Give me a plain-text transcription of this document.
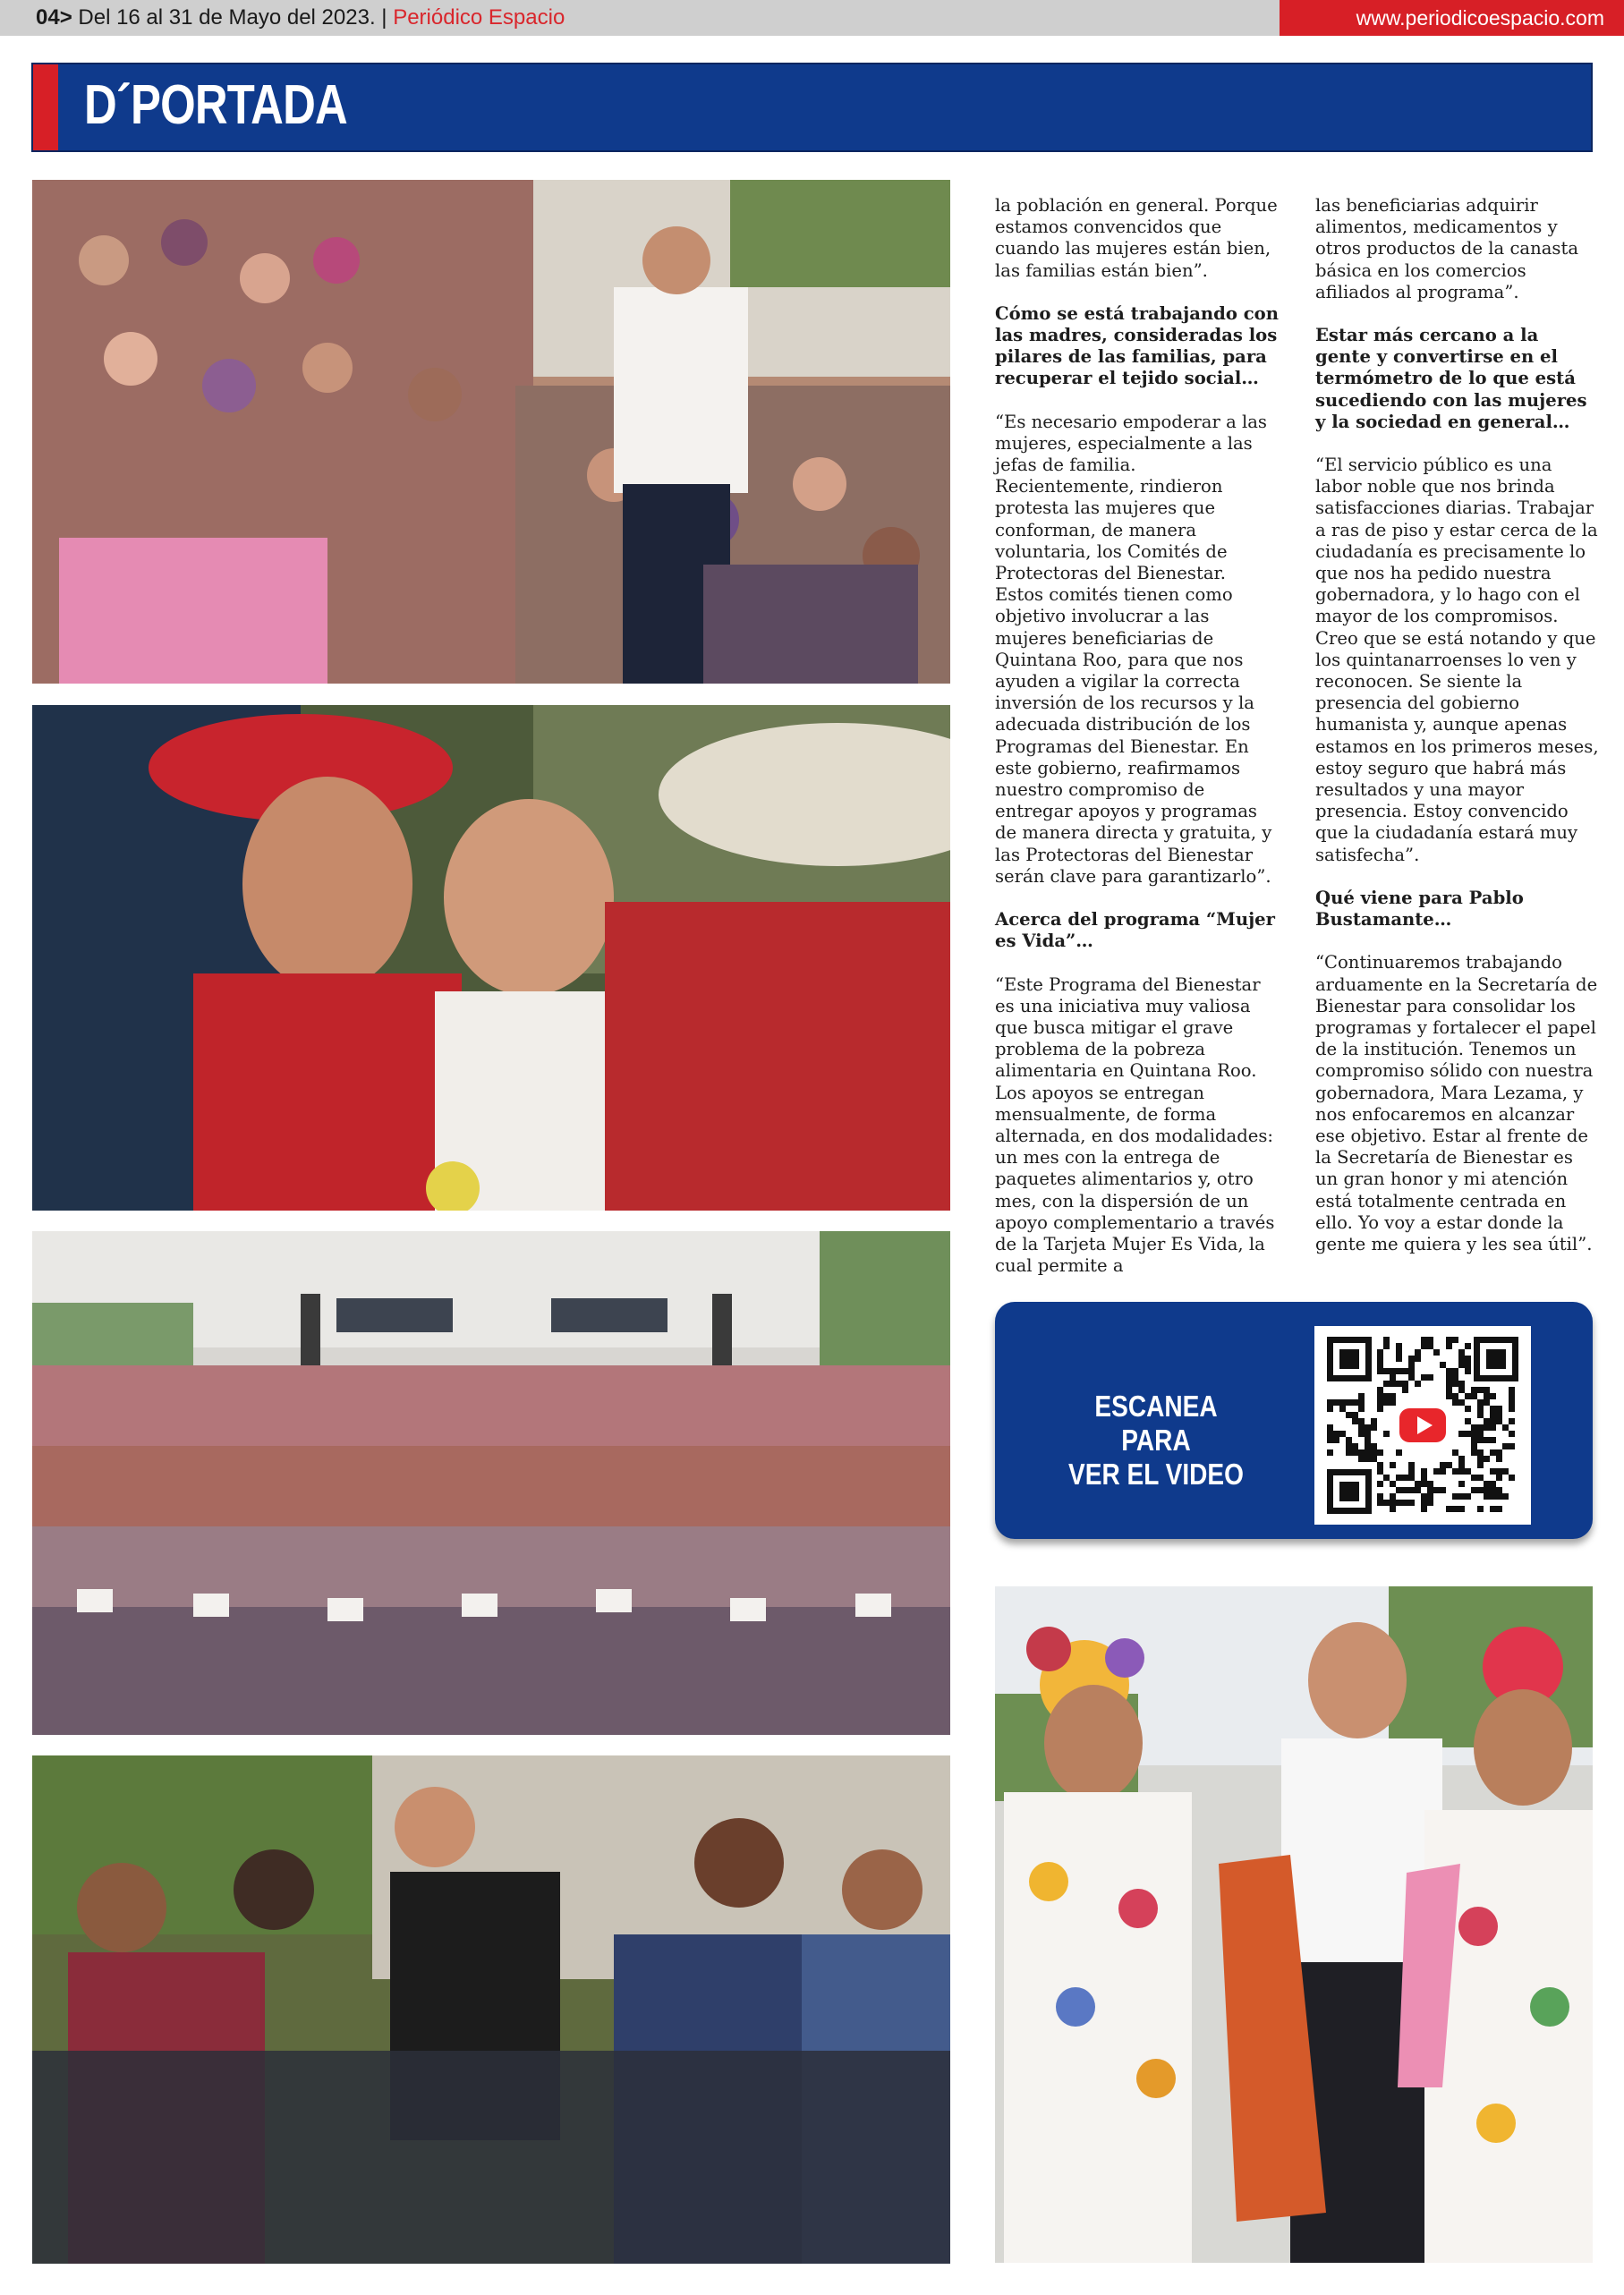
04> Del 16 al 31 de Mayo del 2023. | Periódico Espacio	www.periodicoespacio.com
D´PORTADA

la población en general. Porque estamos convencidos que cuando las mujeres están bien, las familias están bien”.

Cómo se está trabajando con las madres, consideradas los pilares de las familias, para recuperar el tejido social…

“Es necesario empoderar a las mujeres, especialmente a las jefas de familia. Recientemente, rindieron protesta las mujeres que conforman, de manera voluntaria, los Comités de Protectoras del Bienestar. Estos comités tienen como objetivo involucrar a las mujeres beneficiarias de Quintana Roo, para que nos ayuden a vigilar la correcta inversión de los recursos y la adecuada distribución de los Programas del Bienestar. En este gobierno, reafirmamos nuestro compromiso de entregar apoyos y programas de manera directa y gratuita, y las Protectoras del Bienestar serán clave para garantizarlo”.

Acerca del programa “Mujer es Vida”…

“Este Programa del Bienestar es una iniciativa muy valiosa que busca mitigar el grave problema de la pobreza alimentaria en Quintana Roo. Los apoyos se entregan mensualmente, de forma alternada, en dos modalidades: un mes con la entrega de paquetes alimentarios y, otro mes, con la dispersión de un apoyo complementario a través de la Tarjeta Mujer Es Vida, la cual permite a

las beneficiarias adquirir alimentos, medicamentos y otros productos de la canasta básica en los comercios afiliados al programa”.

Estar más cercano a la gente y convertirse en el termómetro de lo que está sucediendo con las mujeres y la sociedad en general…

“El servicio público es una labor noble que nos brinda satisfacciones diarias. Trabajar a ras de piso y estar cerca de la ciudadanía es precisamente lo que nos ha pedido nuestra gobernadora, y lo hago con el mayor de los compromisos. Creo que se está notando y que los quintanarroenses lo ven y reconocen. Se siente la presencia del gobierno humanista y, aunque apenas estamos en los primeros meses, estoy seguro que habrá más resultados y una mayor presencia. Estoy convencido que la ciudadanía estará muy satisfecha”.

Qué viene para Pablo Bustamante…

“Continuaremos trabajando arduamente en la Secretaría de Bienestar para consolidar los programas y fortalecer el papel de la institución. Tenemos un compromiso sólido con nuestra gobernadora, Mara Lezama, y nos enfocaremos en alcanzar ese objetivo. Estar al frente de la Secretaría de Bienestar es un gran honor y mi atención está totalmente centrada en ello. Yo voy a estar donde la gente me quiera y les sea útil”.

ESCANEA PARA
VER EL VIDEO
